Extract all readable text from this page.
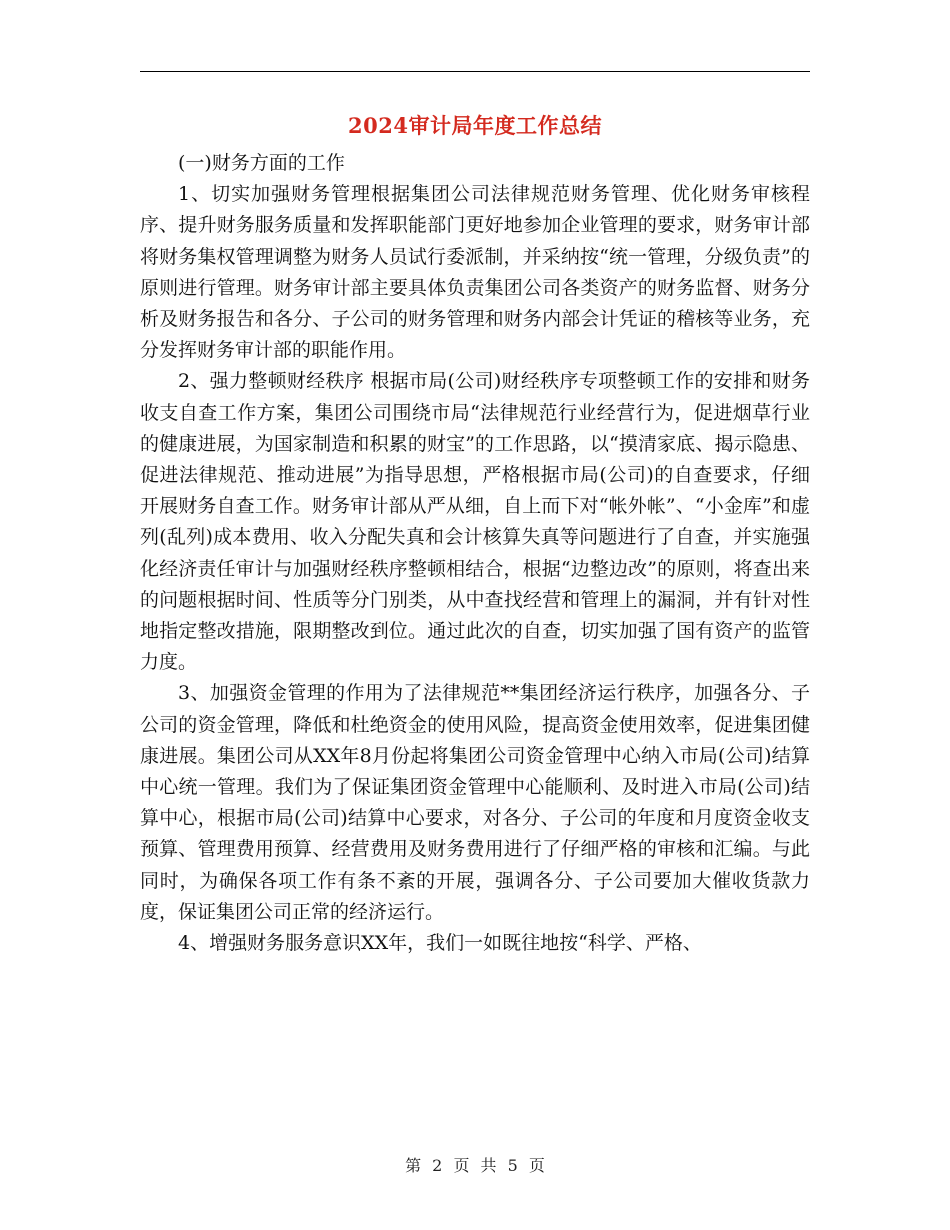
2024审计局年度工作总结

(一)财务方面的工作

1、切实加强财务管理根据集团公司法律规范财务管理、优化财务审核程序、提升财务服务质量和发挥职能部门更好地参加企业管理的要求，财务审计部将财务集权管理调整为财务人员试行委派制，并采纳按“统一管理，分级负责”的原则进行管理。财务审计部主要具体负责集团公司各类资产的财务监督、财务分析及财务报告和各分、子公司的财务管理和财务内部会计凭证的稽核等业务，充分发挥财务审计部的职能作用。

2、强力整顿财经秩序 根据市局(公司)财经秩序专项整顿工作的安排和财务收支自查工作方案，集团公司围绕市局“法律规范行业经营行为，促进烟草行业的健康进展，为国家制造和积累的财宝”的工作思路，以“摸清家底、揭示隐患、促进法律规范、推动进展”为指导思想，严格根据市局(公司)的自查要求，仔细开展财务自查工作。财务审计部从严从细，自上而下对“帐外帐”、“小金库”和虚列(乱列)成本费用、收入分配失真和会计核算失真等问题进行了自查，并实施强化经济责任审计与加强财经秩序整顿相结合，根据“边整边改”的原则，将查出来的问题根据时间、性质等分门别类，从中查找经营和管理上的漏洞，并有针对性地指定整改措施，限期整改到位。通过此次的自查，切实加强了国有资产的监管力度。

3、加强资金管理的作用为了法律规范**集团经济运行秩序，加强各分、子公司的资金管理，降低和杜绝资金的使用风险，提高资金使用效率，促进集团健康进展。集团公司从XX年8月份起将集团公司资金管理中心纳入市局(公司)结算中心统一管理。我们为了保证集团资金管理中心能顺利、及时进入市局(公司)结算中心，根据市局(公司)结算中心要求，对各分、子公司的年度和月度资金收支预算、管理费用预算、经营费用及财务费用进行了仔细严格的审核和汇编。与此同时，为确保各项工作有条不紊的开展，强调各分、子公司要加大催收货款力度，保证集团公司正常的经济运行。

4、增强财务服务意识XX年，我们一如既往地按“科学、严格、

第 2 页 共 5 页
